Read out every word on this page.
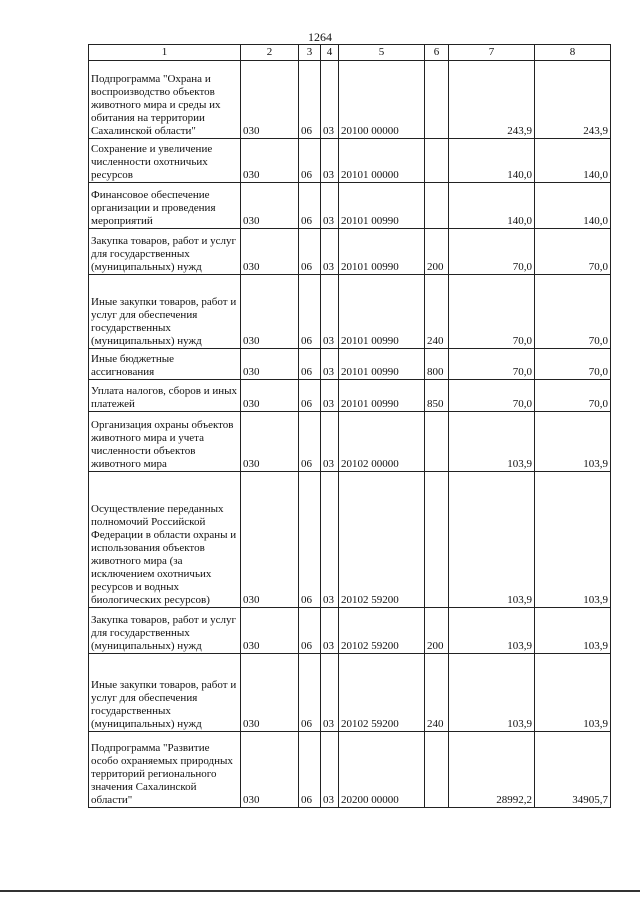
1264
1	2	3	4	5	6	7	8
Подпрограмма "Охрана и воспроизводство объектов животного мира и среды их обитания на территории Сахалинской области"	030	06	03	20100 00000		243,9	243,9
Сохранение и увеличение численности охотничьих ресурсов	030	06	03	20101 00000		140,0	140,0
Финансовое обеспечение организации и проведения мероприятий	030	06	03	20101 00990		140,0	140,0
Закупка товаров, работ и услуг для государственных (муниципальных) нужд	030	06	03	20101 00990	200	70,0	70,0
Иные закупки товаров, работ и услуг для обеспечения государственных (муниципальных) нужд	030	06	03	20101 00990	240	70,0	70,0
Иные бюджетные ассигнования	030	06	03	20101 00990	800	70,0	70,0
Уплата налогов, сборов и иных платежей	030	06	03	20101 00990	850	70,0	70,0
Организация охраны объектов животного мира и учета численности объектов животного мира	030	06	03	20102 00000		103,9	103,9
Осуществление переданных полномочий Российской Федерации в области охраны и использования объектов животного мира (за исключением охотничьих ресурсов и водных биологических ресурсов)	030	06	03	20102 59200		103,9	103,9
Закупка товаров, работ и услуг для государственных (муниципальных) нужд	030	06	03	20102 59200	200	103,9	103,9
Иные закупки товаров, работ и услуг для обеспечения государственных (муниципальных) нужд	030	06	03	20102 59200	240	103,9	103,9
Подпрограмма "Развитие особо охраняемых природных территорий регионального значения Сахалинской области"	030	06	03	20200 00000		28992,2	34905,7
